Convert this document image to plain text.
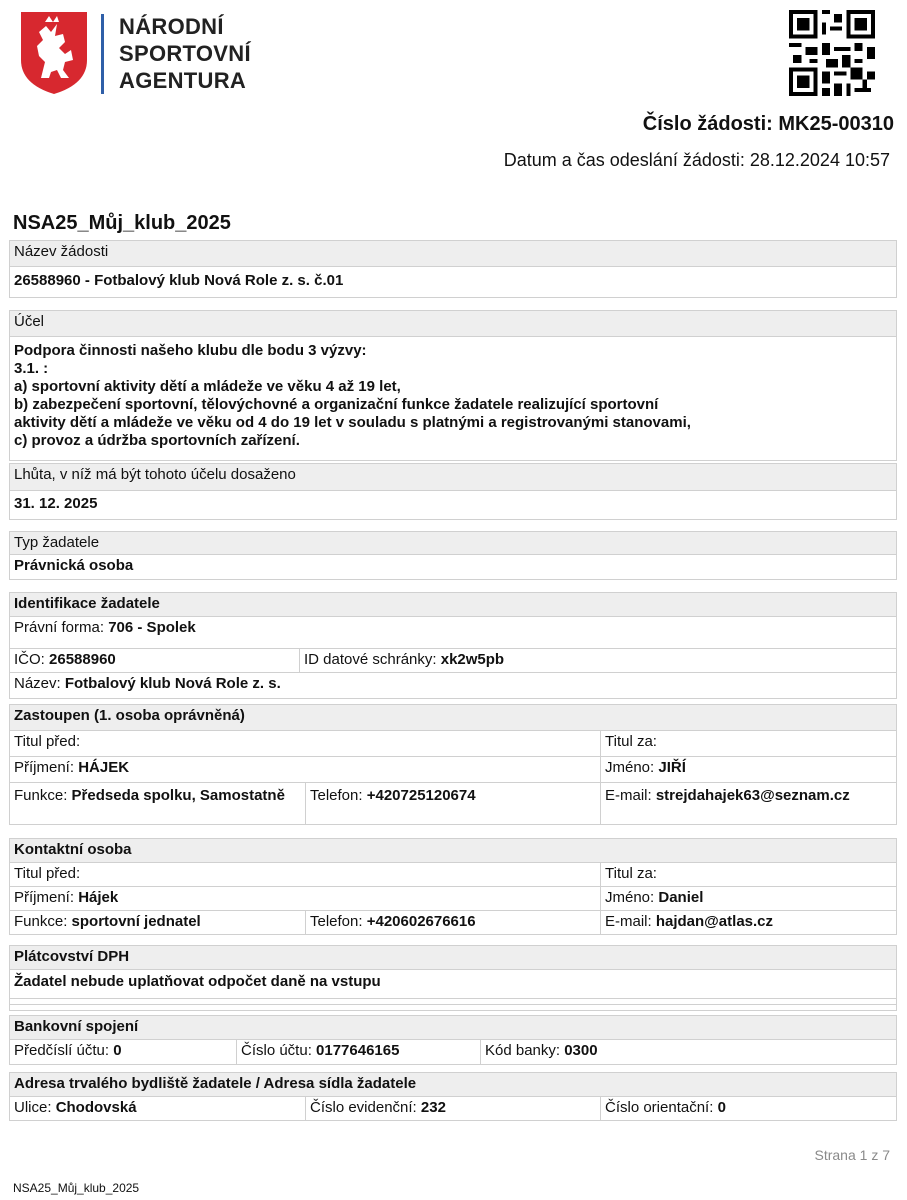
NÁRODNÍ
SPORTOVNÍ
AGENTURA
Číslo žádosti: MK25-00310
Datum a čas odeslání žádosti: 28.12.2024 10:57
NSA25_Můj_klub_2025
Název žádosti
26588960 - Fotbalový klub Nová Role z. s. č.01
Účel
Podpora činnosti našeho klubu dle bodu 3 výzvy:
3.1. :
a) sportovní aktivity dětí a mládeže ve věku 4 až 19 let,
b) zabezpečení sportovní, tělovýchovné a organizační funkce žadatele realizující sportovní
aktivity dětí a mládeže ve věku od 4 do 19 let v souladu s platnými a registrovanými stanovami,
c) provoz a údržba sportovních zařízení.
Lhůta, v níž má být tohoto účelu dosaženo
31. 12. 2025
Typ žadatele
Právnická osoba
Identifikace žadatele
Právní forma: 706 - Spolek
IČO: 26588960	ID datové schránky: xk2w5pb
Název: Fotbalový klub Nová Role z. s.
Zastoupen (1. osoba oprávněná)		
Titul před:		Titul za:
Příjmení: HÁJEK		Jméno: JIŘÍ
Funkce: Předseda spolku, Samostatně	Telefon: +420725120674	E-mail: strejdahajek63@seznam.cz
Kontaktní osoba		
Titul před:		Titul za:
Příjmení: Hájek		Jméno: Daniel
Funkce: sportovní jednatel	Telefon: +420602676616	E-mail: hajdan@atlas.cz
Plátcovství DPH
Žadatel nebude uplatňovat odpočet daně na vstupu

Bankovní spojení
Předčíslí účtu: 0	Číslo účtu: 0177646165	Kód banky: 0300
Adresa trvalého bydliště žadatele / Adresa sídla žadatele
Ulice: Chodovská	Číslo evidenční: 232	Číslo orientační: 0
Strana 1 z 7
NSA25_Můj_klub_2025
